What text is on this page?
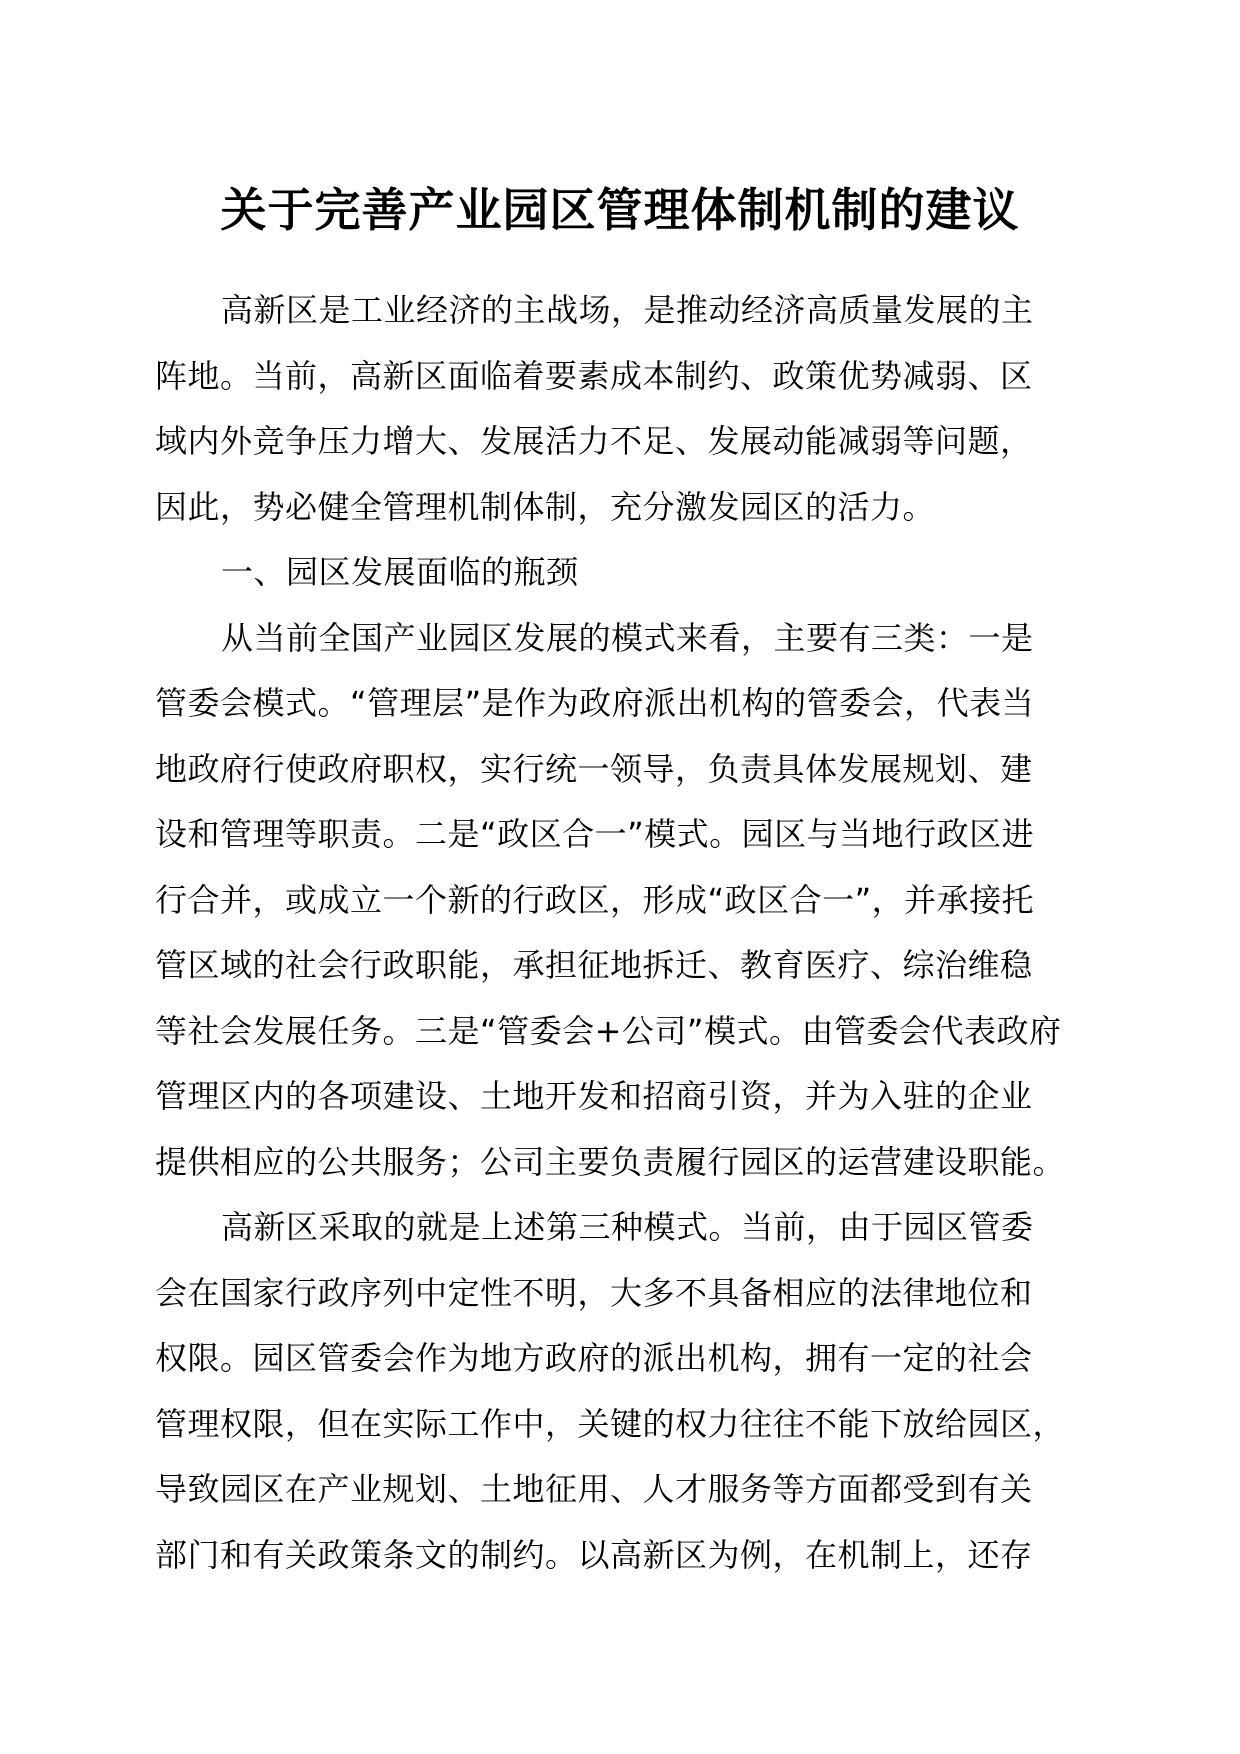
关于完善产业园区管理体制机制的建议
高新区是工业经济的主战场，是推动经济高质量发展的主
阵地。当前，高新区面临着要素成本制约、政策优势减弱、区
域内外竞争压力增大、发展活力不足、发展动能减弱等问题，
因此，势必健全管理机制体制，充分激发园区的活力。
一、园区发展面临的瓶颈
从当前全国产业园区发展的模式来看，主要有三类：一是
管委会模式。“管理层”是作为政府派出机构的管委会，代表当
地政府行使政府职权，实行统一领导，负责具体发展规划、建
设和管理等职责。二是“政区合一”模式。园区与当地行政区进
行合并，或成立一个新的行政区，形成“政区合一”，并承接托
管区域的社会行政职能，承担征地拆迁、教育医疗、综治维稳
等社会发展任务。三是“管委会+公司”模式。由管委会代表政府
管理区内的各项建设、土地开发和招商引资，并为入驻的企业
提供相应的公共服务；公司主要负责履行园区的运营建设职能。
高新区采取的就是上述第三种模式。当前，由于园区管委
会在国家行政序列中定性不明，大多不具备相应的法律地位和
权限。园区管委会作为地方政府的派出机构，拥有一定的社会
管理权限，但在实际工作中，关键的权力往往不能下放给园区，
导致园区在产业规划、土地征用、人才服务等方面都受到有关
部门和有关政策条文的制约。以高新区为例，在机制上，还存
